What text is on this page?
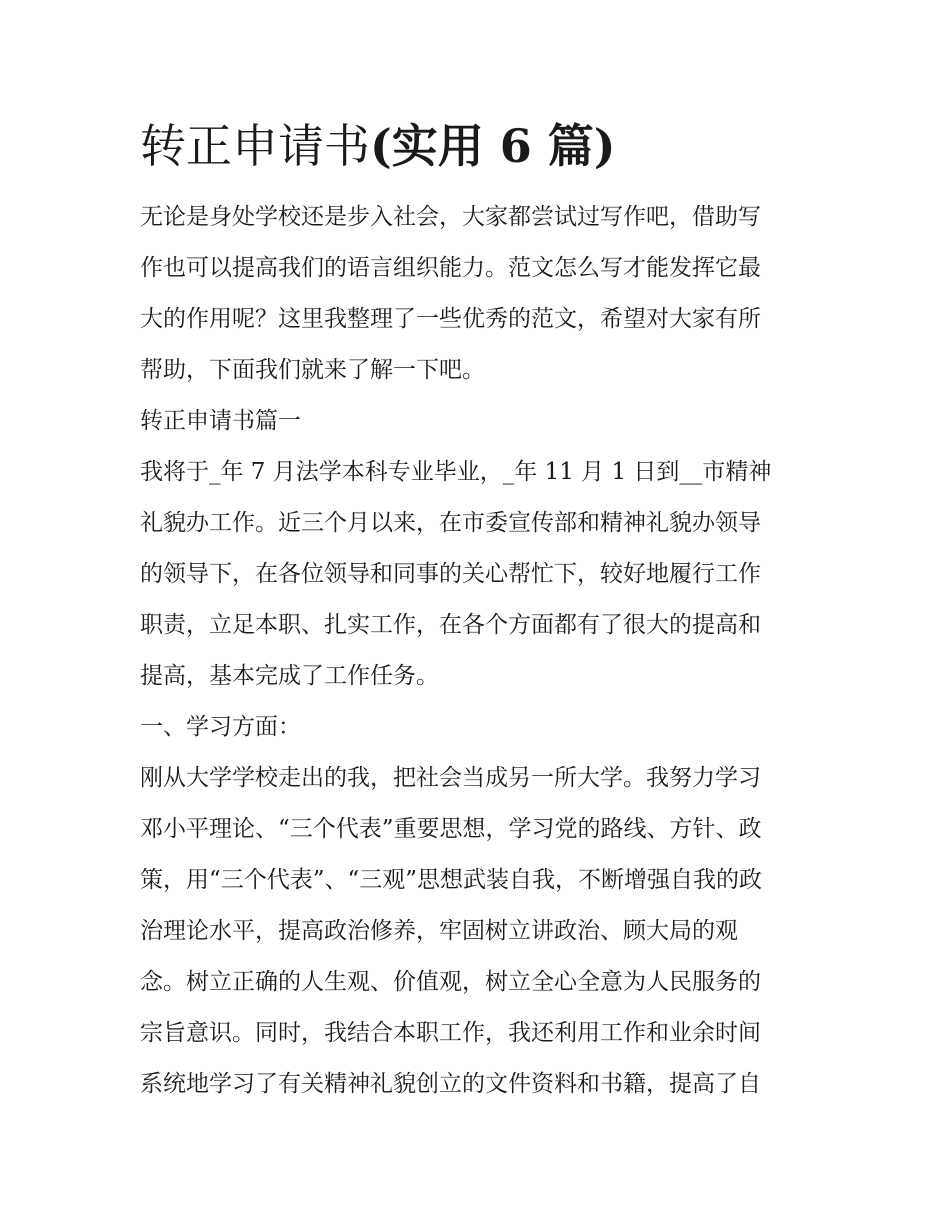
转正申请书(实用 6 篇)

无论是身处学校还是步入社会，大家都尝试过写作吧，借助写
作也可以提高我们的语言组织能力。范文怎么写才能发挥它最
大的作用呢？这里我整理了一些优秀的范文，希望对大家有所
帮助，下面我们就来了解一下吧。

转正申请书篇一

我将于_年 7 月法学本科专业毕业，_年 11 月 1 日到__市精神
礼貌办工作。近三个月以来，在市委宣传部和精神礼貌办领导
的领导下，在各位领导和同事的关心帮忙下，较好地履行工作
职责，立足本职、扎实工作，在各个方面都有了很大的提高和
提高，基本完成了工作任务。

一、学习方面：

刚从大学学校走出的我，把社会当成另一所大学。我努力学习
邓小平理论、“三个代表”重要思想，学习党的路线、方针、政
策，用“三个代表”、“三观”思想武装自我，不断增强自我的政
治理论水平，提高政治修养，牢固树立讲政治、顾大局的观
念。树立正确的人生观、价值观，树立全心全意为人民服务的
宗旨意识。同时，我结合本职工作，我还利用工作和业余时间
系统地学习了有关精神礼貌创立的文件资料和书籍，提高了自
